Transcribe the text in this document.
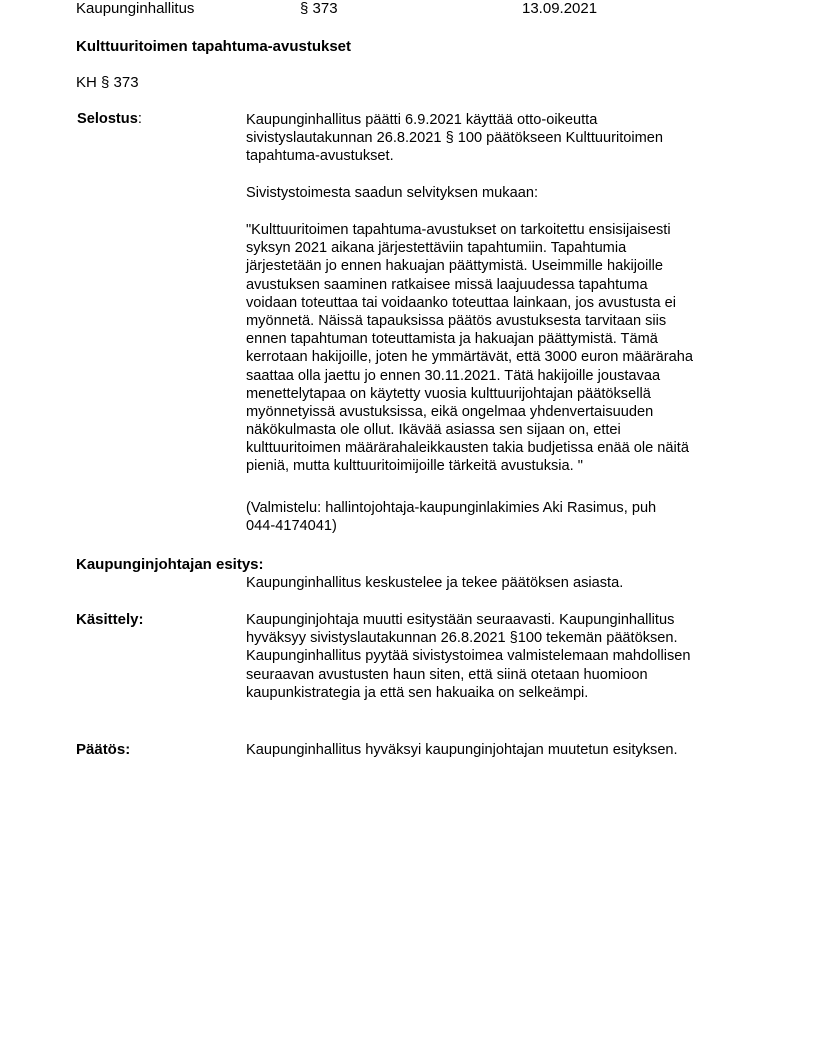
Kaupunginhallitus	§ 373	13.09.2021
Kulttuuritoimen tapahtuma-avustukset
KH § 373
Selostus:	Kaupunginhallitus päätti 6.9.2021 käyttää otto-oikeutta
sivistyslautakunnan 26.8.2021 § 100 päätökseen Kulttuuritoimen
tapahtuma-avustukset.
Sivistystoimesta saadun selvityksen mukaan:
"Kulttuuritoimen tapahtuma-avustukset on tarkoitettu ensisijaisesti
syksyn 2021 aikana järjestettäviin tapahtumiin. Tapahtumia
järjestetään jo ennen hakuajan päättymistä. Useimmille hakijoille
avustuksen saaminen ratkaisee missä laajuudessa tapahtuma
voidaan toteuttaa tai voidaanko toteuttaa lainkaan, jos avustusta ei
myönnetä. Näissä tapauksissa päätös avustuksesta tarvitaan siis
ennen tapahtuman toteuttamista ja hakuajan päättymistä. Tämä
kerrotaan hakijoille, joten he ymmärtävät, että 3000 euron määräraha
saattaa olla jaettu jo ennen 30.11.2021. Tätä hakijoille joustavaa
menettelytapaa on käytetty vuosia kulttuurijohtajan päätöksellä
myönnetyissä avustuksissa, eikä ongelmaa yhdenvertaisuuden
näkökulmasta ole ollut. Ikävää asiassa sen sijaan on, ettei
kulttuuritoimen määrärahaleikkausten takia budjetissa enää ole näitä
pieniä, mutta kulttuuritoimijoille tärkeitä avustuksia. "
(Valmistelu: hallintojohtaja-kaupunginlakimies Aki Rasimus, puh
044-4174041)
Kaupunginjohtajan esitys:
Kaupunginhallitus keskustelee ja tekee päätöksen asiasta.
Käsittely:	Kaupunginjohtaja muutti esitystään seuraavasti. Kaupunginhallitus
hyväksyy sivistyslautakunnan 26.8.2021 §100 tekemän päätöksen.
Kaupunginhallitus pyytää sivistystoimea valmistelemaan mahdollisen
seuraavan avustusten haun siten, että siinä otetaan huomioon
kaupunkistrategia ja että sen hakuaika on selkeämpi.
Päätös:	Kaupunginhallitus hyväksyi kaupunginjohtajan muutetun esityksen.
